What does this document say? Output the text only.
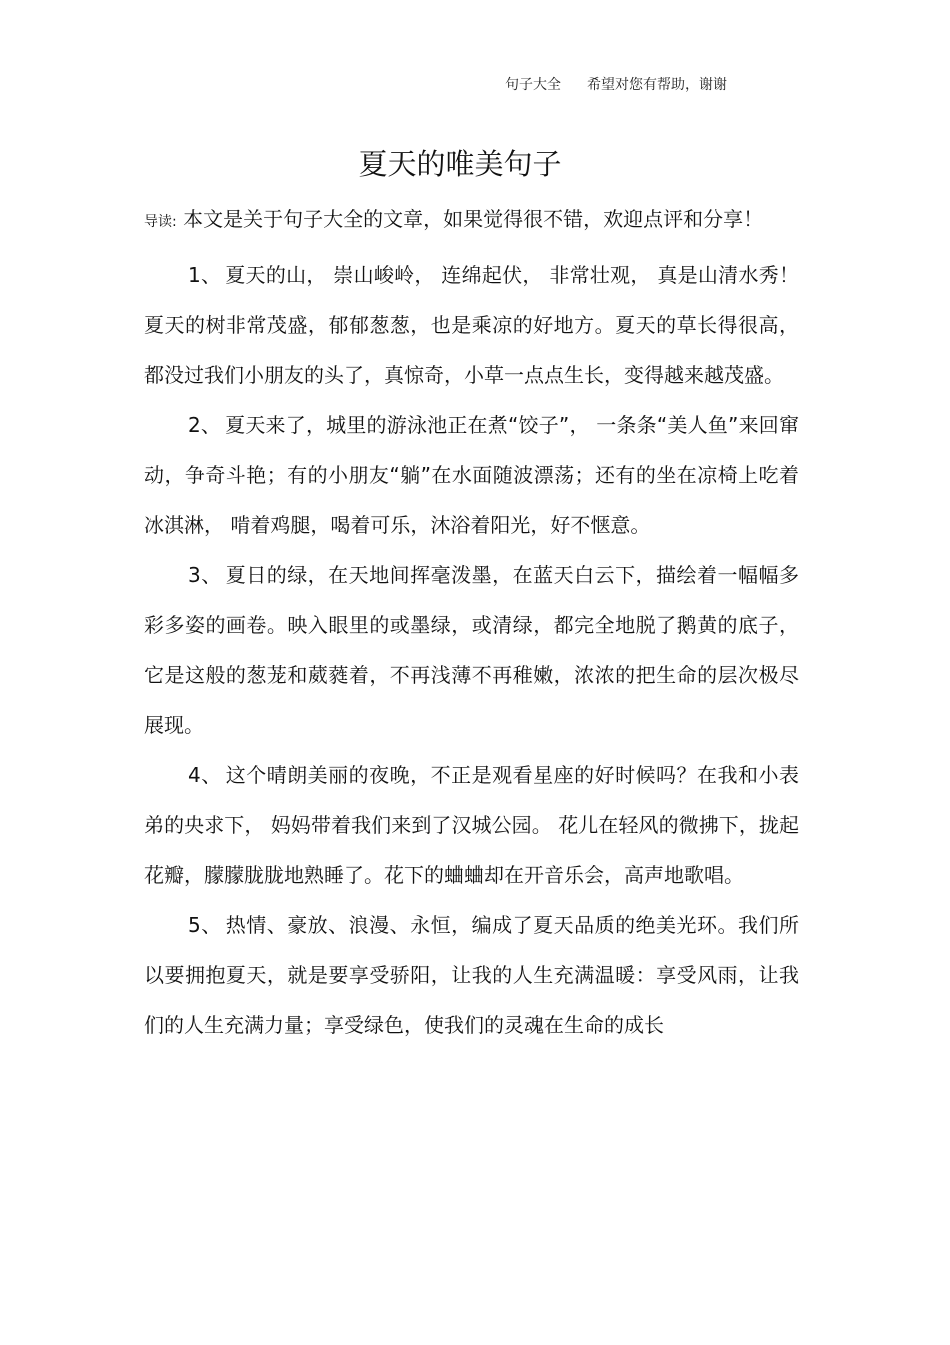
句子大全 希望对您有帮助，谢谢
夏天的唯美句子

导读: 本文是关于句子大全的文章，如果觉得很不错，欢迎点评和分享！

1、 夏天的山， 崇山峻岭， 连绵起伏， 非常壮观， 真是山清水秀！夏天的树非常茂盛，郁郁葱葱，也是乘凉的好地方。夏天的草长得很高，都没过我们小朋友的头了，真惊奇，小草一点点生长，变得越来越茂盛。

2、 夏天来了，城里的游泳池正在煮“饺子”， 一条条“美人鱼”来回窜动，争奇斗艳；有的小朋友“躺”在水面随波漂荡；还有的坐在凉椅上吃着冰淇淋， 啃着鸡腿，喝着可乐，沐浴着阳光，好不惬意。

3、 夏日的绿，在天地间挥毫泼墨，在蓝天白云下，描绘着一幅幅多彩多姿的画卷。映入眼里的或墨绿，或清绿，都完全地脱了鹅黄的底子，它是这般的葱茏和葳蕤着，不再浅薄不再稚嫩，浓浓的把生命的层次极尽展现。

4、 这个晴朗美丽的夜晚，不正是观看星座的好时候吗？在我和小表弟的央求下， 妈妈带着我们来到了汉城公园。 花儿在轻风的微拂下，拢起花瓣，朦朦胧胧地熟睡了。花下的蛐蛐却在开音乐会，高声地歌唱。

5、 热情、豪放、浪漫、永恒，编成了夏天品质的绝美光环。我们所以要拥抱夏天，就是要享受骄阳，让我的人生充满温暖：享受风雨，让我们的人生充满力量；享受绿色，使我们的灵魂在生命的成长
